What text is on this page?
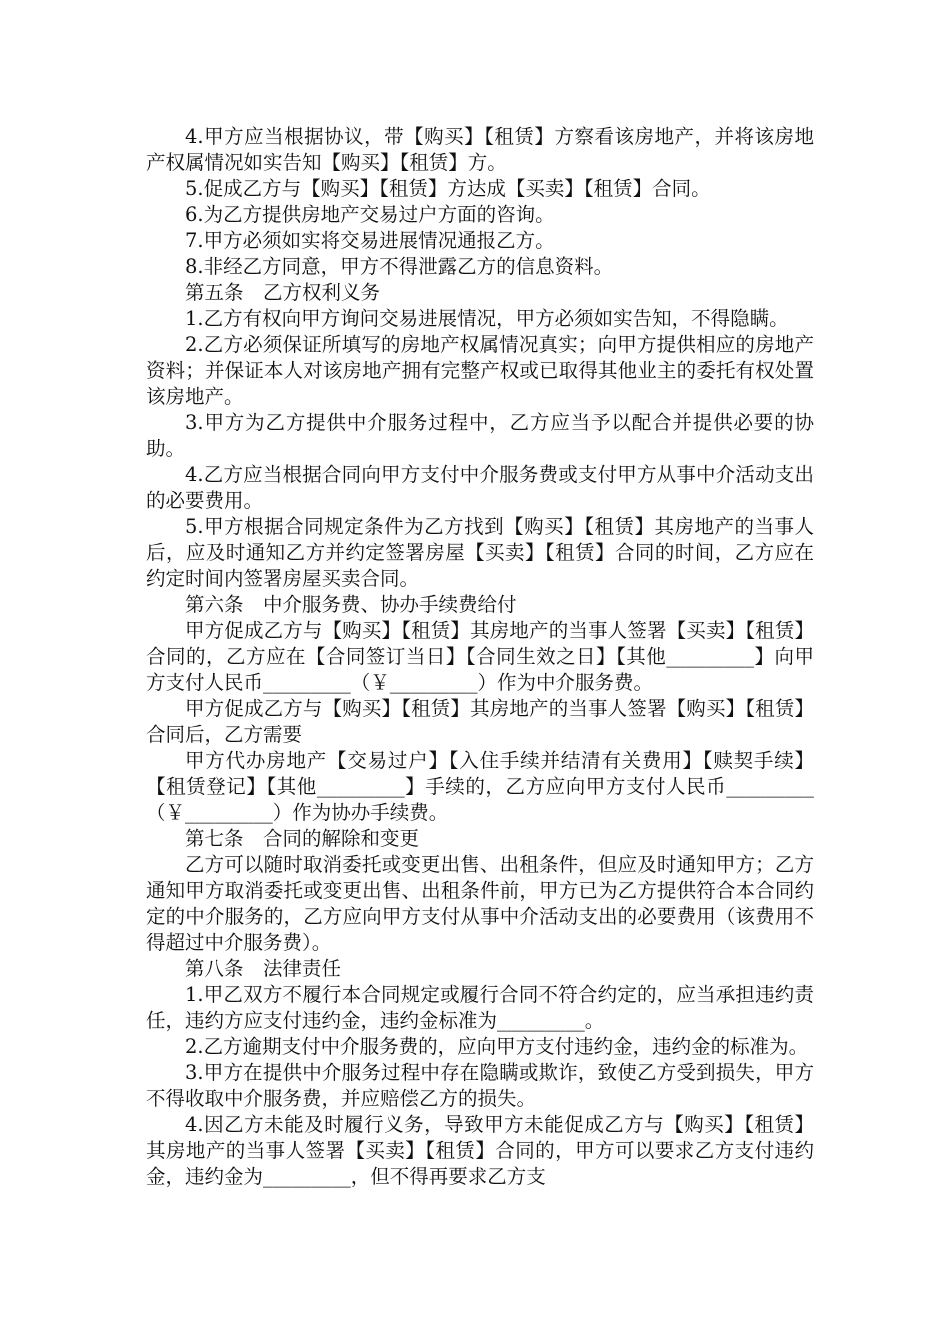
4.甲方应当根据协议，带【购买】【租赁】方察看该房地产，并将该房地产权属情况如实告知【购买】【租赁】方。

5.促成乙方与【购买】【租赁】方达成【买卖】【租赁】合同。

6.为乙方提供房地产交易过户方面的咨询。

7.甲方必须如实将交易进展情况通报乙方。

8.非经乙方同意，甲方不得泄露乙方的信息资料。

第五条　乙方权利义务

1.乙方有权向甲方询问交易进展情况，甲方必须如实告知，不得隐瞒。

2.乙方必须保证所填写的房地产权属情况真实；向甲方提供相应的房地产资料；并保证本人对该房地产拥有完整产权或已取得其他业主的委托有权处置该房地产。

3.甲方为乙方提供中介服务过程中，乙方应当予以配合并提供必要的协助。

4.乙方应当根据合同向甲方支付中介服务费或支付甲方从事中介活动支出的必要费用。

5.甲方根据合同规定条件为乙方找到【购买】【租赁】其房地产的当事人后，应及时通知乙方并约定签署房屋【买卖】【租赁】合同的时间，乙方应在约定时间内签署房屋买卖合同。

第六条　中介服务费、协办手续费给付

甲方促成乙方与【购买】【租赁】其房地产的当事人签署【买卖】【租赁】合同的，乙方应在【合同签订当日】【合同生效之日】【其他_________】向甲方支付人民币_________（￥_________）作为中介服务费。

甲方促成乙方与【购买】【租赁】其房地产的当事人签署【购买】【租赁】合同后，乙方需要

甲方代办房地产【交易过户】【入住手续并结清有关费用】【赎契手续】【租赁登记】【其他_________】手续的，乙方应向甲方支付人民币_________（￥_________）作为协办手续费。

第七条　合同的解除和变更

乙方可以随时取消委托或变更出售、出租条件，但应及时通知甲方；乙方通知甲方取消委托或变更出售、出租条件前，甲方已为乙方提供符合本合同约定的中介服务的，乙方应向甲方支付从事中介活动支出的必要费用（该费用不得超过中介服务费）。

第八条　法律责任

1.甲乙双方不履行本合同规定或履行合同不符合约定的，应当承担违约责任，违约方应支付违约金，违约金标准为_________。

2.乙方逾期支付中介服务费的，应向甲方支付违约金，违约金的标准为。

3.甲方在提供中介服务过程中存在隐瞒或欺诈，致使乙方受到损失，甲方不得收取中介服务费，并应赔偿乙方的损失。

4.因乙方未能及时履行义务，导致甲方未能促成乙方与【购买】【租赁】其房地产的当事人签署【买卖】【租赁】合同的，甲方可以要求乙方支付违约金，违约金为_________，但不得再要求乙方支
